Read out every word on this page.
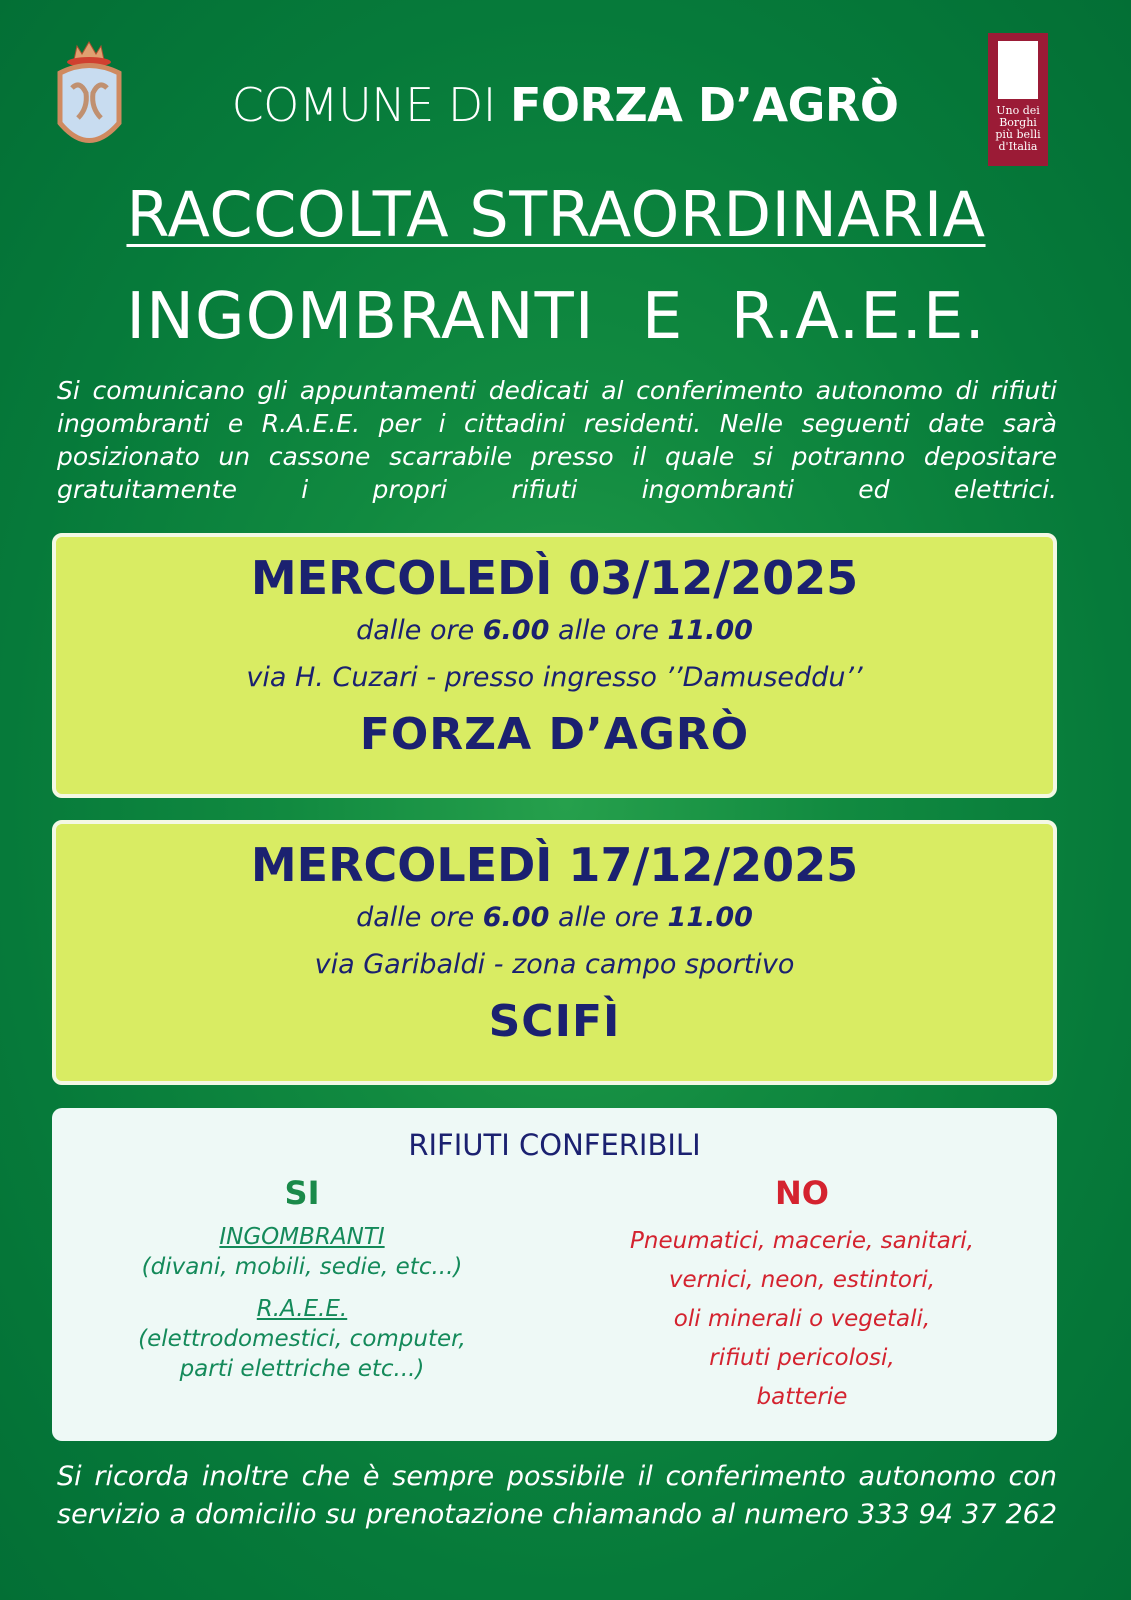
COMUNE DI FORZA D’AGRÒ	Uno dei
Borghi
più belli
d'Italia
RACCOLTA STRAORDINARIA
INGOMBRANTI E R.A.E.E.
Si comunicano gli appuntamenti dedicati al conferimento autonomo di rifiuti ingombranti e R.A.E.E. per i cittadini residenti. Nelle seguenti date sarà posizionato un cassone scarrabile presso il quale si potranno depositare gratuitamente i propri rifiuti ingombranti ed elettrici.
MERCOLEDÌ 03/12/2025
dalle ore 6.00 alle ore 11.00
via H. Cuzari - presso ingresso ’’Damuseddu’’
FORZA D’AGRÒ
MERCOLEDÌ 17/12/2025
dalle ore 6.00 alle ore 11.00
via Garibaldi - zona campo sportivo
SCIFÌ
RIFIUTI CONFERIBILI
SI
INGOMBRANTI
(divani, mobili, sedie, etc...)
R.A.E.E.
(elettrodomestici, computer,
parti elettriche etc...)
NO
Pneumatici, macerie, sanitari,
vernici, neon, estintori,
oli minerali o vegetali,
rifiuti pericolosi,
batterie
Si ricorda inoltre che è sempre possibile il conferimento autonomo con servizio a domicilio su prenotazione chiamando al numero 333 94 37 262
